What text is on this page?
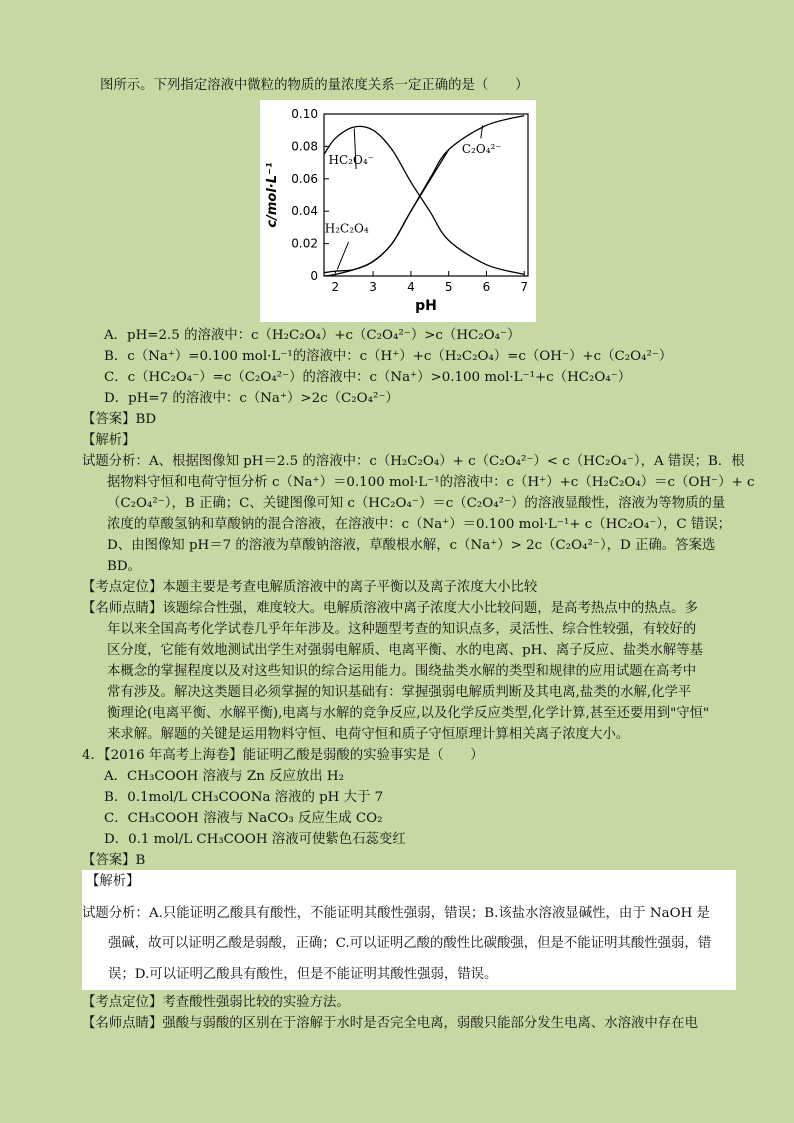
图所示。下列指定溶液中微粒的物质的量浓度关系一定正确的是（　　）
2	3	4	5	6	7
0
0.02
0.04
0.06
0.08
0.10
pH
c/mol·L⁻¹
HC₂O₄⁻
C₂O₄²⁻
H₂C₂O₄
A．pH=2.5 的溶液中：c（H₂C₂O₄）+c（C₂O₄²⁻）>c（HC₂O₄⁻）
B．c（Na⁺）=0.100 mol·L⁻¹的溶液中：c（H⁺）+c（H₂C₂O₄）=c（OH⁻）+c（C₂O₄²⁻）
C．c（HC₂O₄⁻）=c（C₂O₄²⁻）的溶液中：c（Na⁺）>0.100 mol·L⁻¹+c（HC₂O₄⁻）
D．pH=7 的溶液中：c（Na⁺）>2c（C₂O₄²⁻）
【答案】BD
【解析】
试题分析：A、根据图像知 pH＝2.5 的溶液中：c（H₂C₂O₄）+ c（C₂O₄²⁻）< c（HC₂O₄⁻），A 错误；B．根
据物料守恒和电荷守恒分析 c（Na⁺）＝0.100 mol·L⁻¹的溶液中：c（H⁺）+c（H₂C₂O₄）＝c（OH⁻）+ c
（C₂O₄²⁻），B 正确；C、关键图像可知 c（HC₂O₄⁻）＝c（C₂O₄²⁻）的溶液显酸性，溶液为等物质的量
浓度的草酸氢钠和草酸钠的混合溶液，在溶液中：c（Na⁺）＝0.100 mol·L⁻¹+ c（HC₂O₄⁻），C 错误；
D、由图像知 pH＝7 的溶液为草酸钠溶液，草酸根水解，c（Na⁺）> 2c（C₂O₄²⁻），D 正确。答案选
BD。
【考点定位】本题主要是考查电解质溶液中的离子平衡以及离子浓度大小比较
【名师点睛】该题综合性强，难度较大。电解质溶液中离子浓度大小比较问题，是高考热点中的热点。多
年以来全国高考化学试卷几乎年年涉及。这种题型考查的知识点多，灵活性、综合性较强，有较好的
区分度，它能有效地测试出学生对强弱电解质、电离平衡、水的电离、pH、离子反应、盐类水解等基
本概念的掌握程度以及对这些知识的综合运用能力。围绕盐类水解的类型和规律的应用试题在高考中
常有涉及。解决这类题目必须掌握的知识基础有：掌握强弱电解质判断及其电离,盐类的水解,化学平
衡理论(电离平衡、水解平衡),电离与水解的竞争反应,以及化学反应类型,化学计算,甚至还要用到"守恒"
来求解。解题的关键是运用物料守恒、电荷守恒和质子守恒原理计算相关离子浓度大小。
4．【2016 年高考上海卷】能证明乙酸是弱酸的实验事实是（　　）
A．CH₃COOH 溶液与 Zn 反应放出 H₂
B．0.1mol/L CH₃COONa 溶液的 pH 大于 7
C．CH₃COOH 溶液与 NaCO₃ 反应生成 CO₂
D．0.1 mol/L CH₃COOH 溶液可使紫色石蕊变红
【答案】B
【解析】
试题分析：A.只能证明乙酸具有酸性，不能证明其酸性强弱，错误；B.该盐水溶液显碱性，由于 NaOH 是
强碱，故可以证明乙酸是弱酸，正确；C.可以证明乙酸的酸性比碳酸强，但是不能证明其酸性强弱，错
误；D.可以证明乙酸具有酸性，但是不能证明其酸性强弱，错误。
【考点定位】考查酸性强弱比较的实验方法。
【名师点睛】强酸与弱酸的区别在于溶解于水时是否完全电离，弱酸只能部分发生电离、水溶液中存在电
